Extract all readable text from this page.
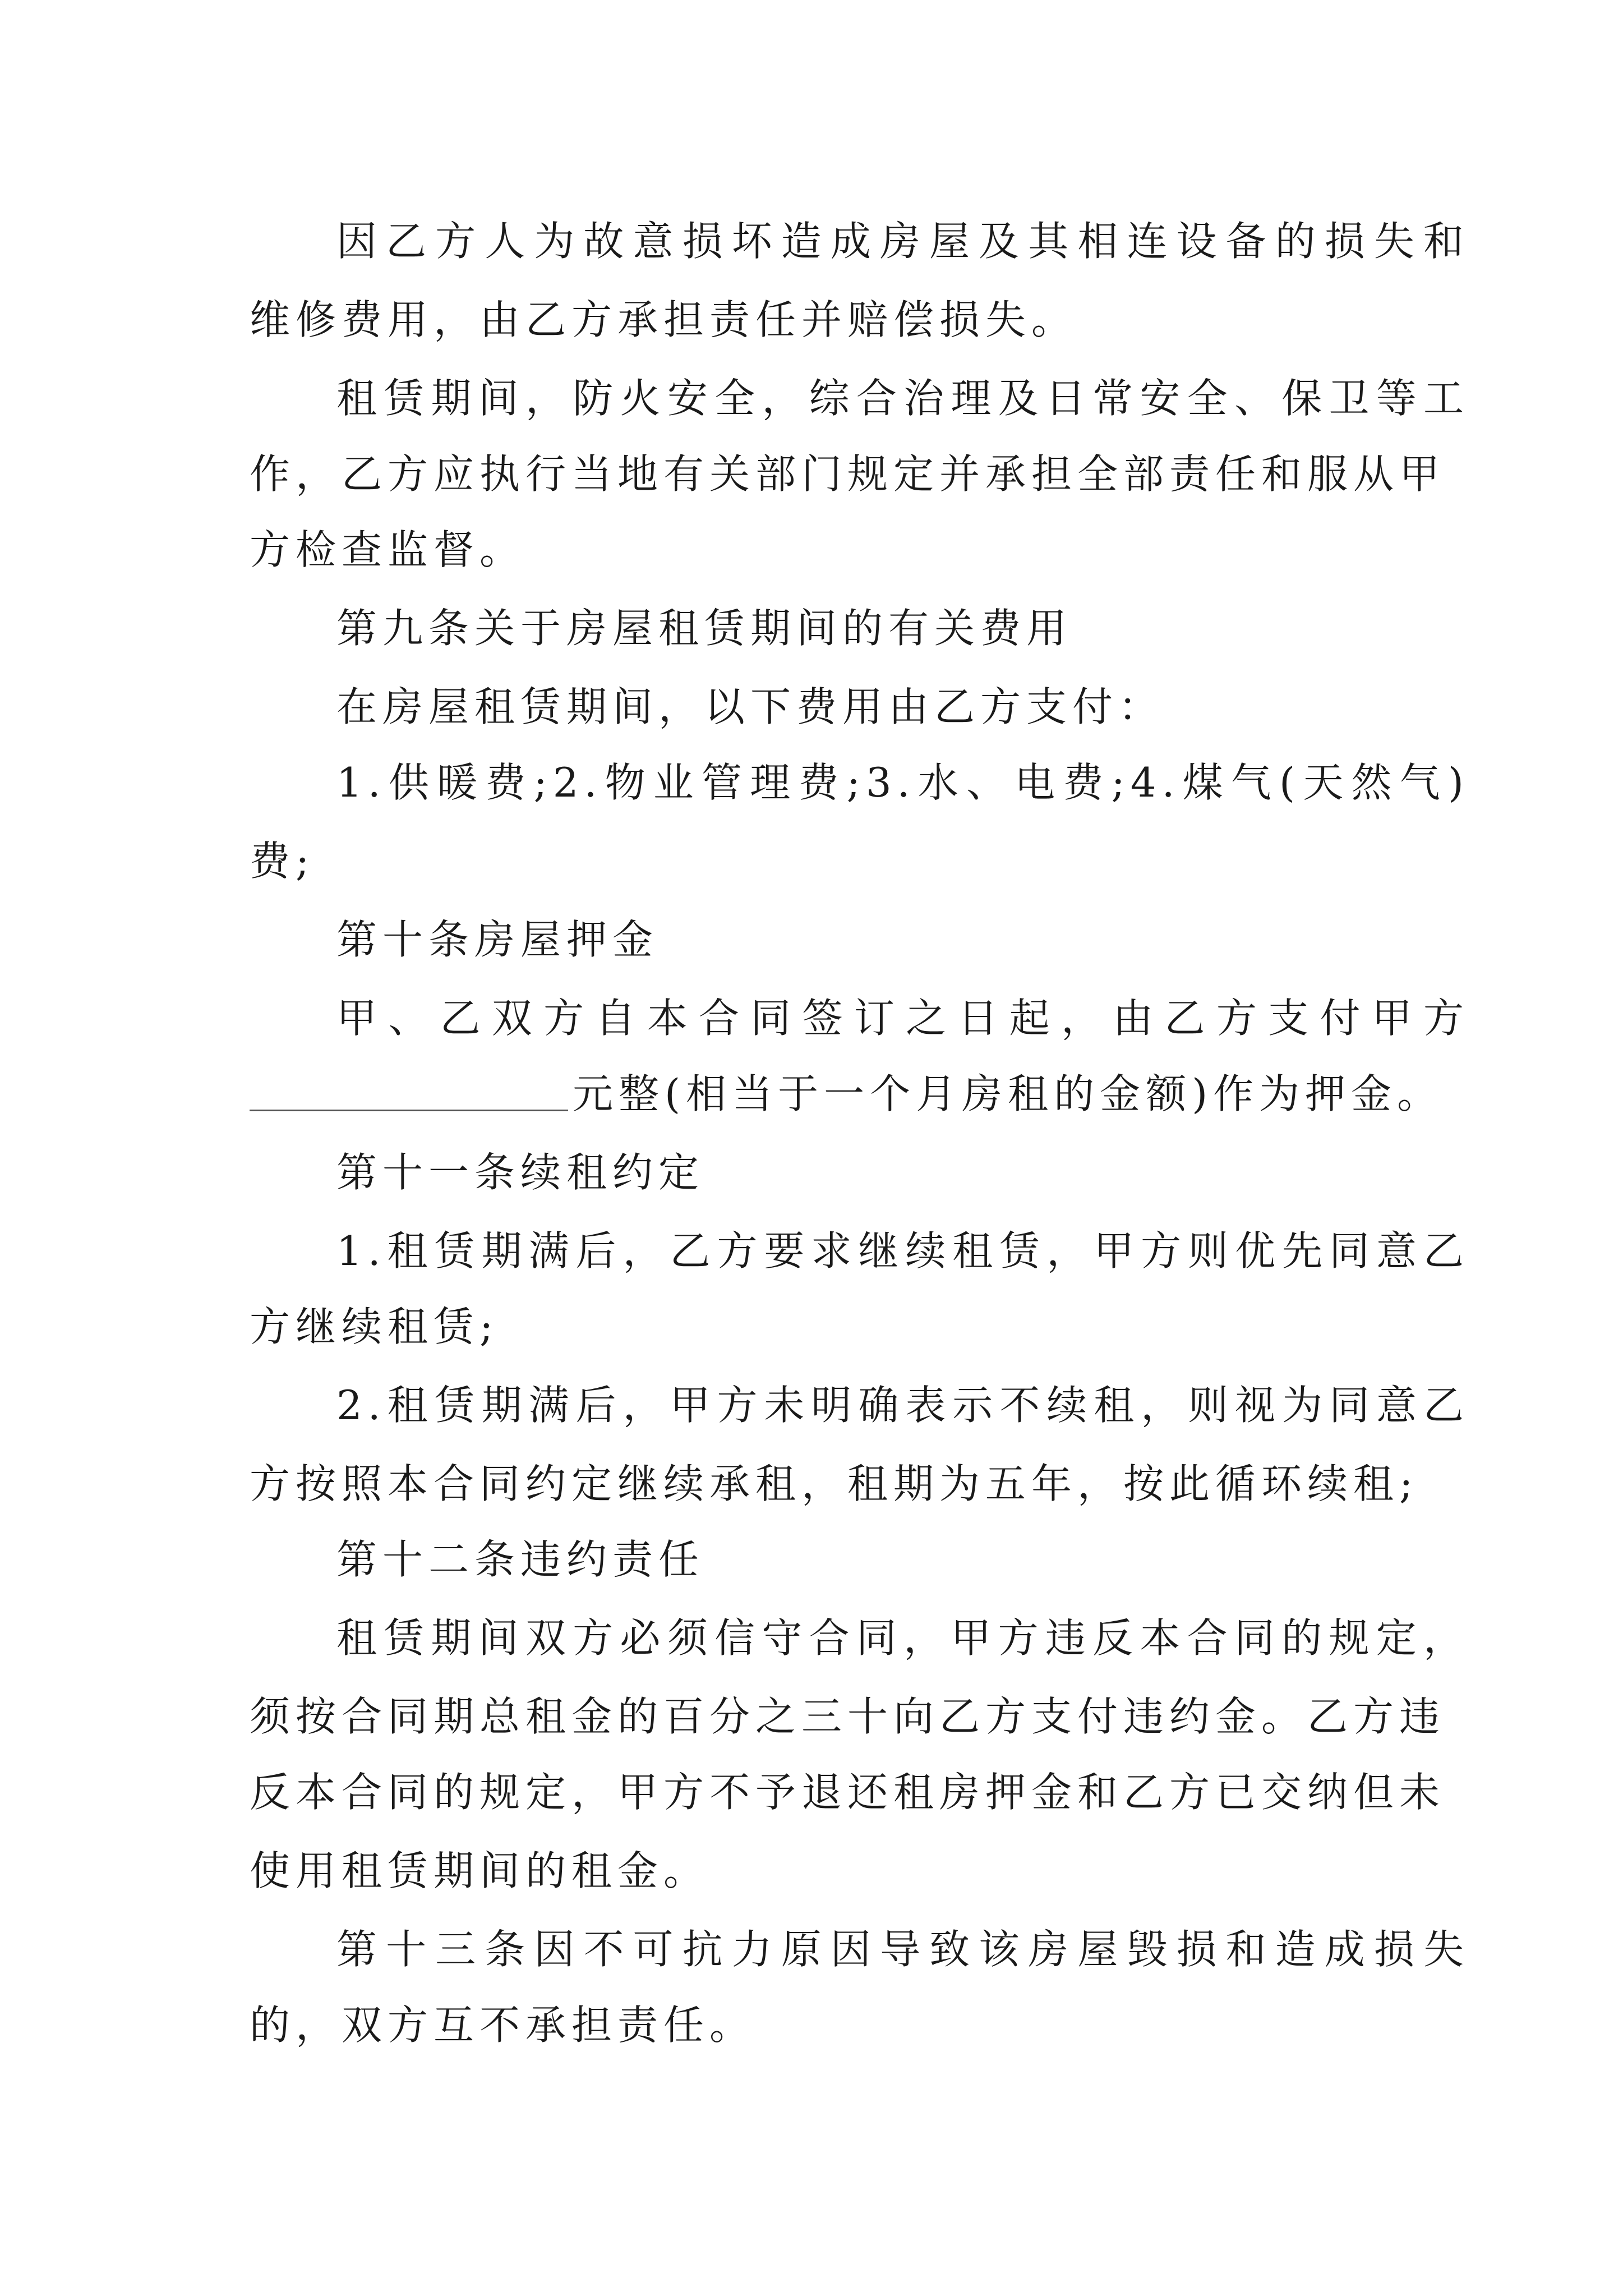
因乙方人为故意损坏造成房屋及其相连设备的损失和
维修费用，由乙方承担责任并赔偿损失。
租赁期间，防火安全，综合治理及日常安全、保卫等工
作，乙方应执行当地有关部门规定并承担全部责任和服从甲
方检查监督。
第九条关于房屋租赁期间的有关费用
在房屋租赁期间，以下费用由乙方支付：
1.供暖费;2.物业管理费;3.水、电费;4.煤气(天然气)
费;
第十条房屋押金
甲、乙双方自本合同签订之日起，由乙方支付甲方
元整(相当于一个月房租的金额)作为押金。
第十一条续租约定
1.租赁期满后，乙方要求继续租赁，甲方则优先同意乙
方继续租赁;
2.租赁期满后，甲方未明确表示不续租，则视为同意乙
方按照本合同约定继续承租，租期为五年，按此循环续租;
第十二条违约责任
租赁期间双方必须信守合同，甲方违反本合同的规定，
须按合同期总租金的百分之三十向乙方支付违约金。乙方违
反本合同的规定，甲方不予退还租房押金和乙方已交纳但未
使用租赁期间的租金。
第十三条因不可抗力原因导致该房屋毁损和造成损失
的，双方互不承担责任。
